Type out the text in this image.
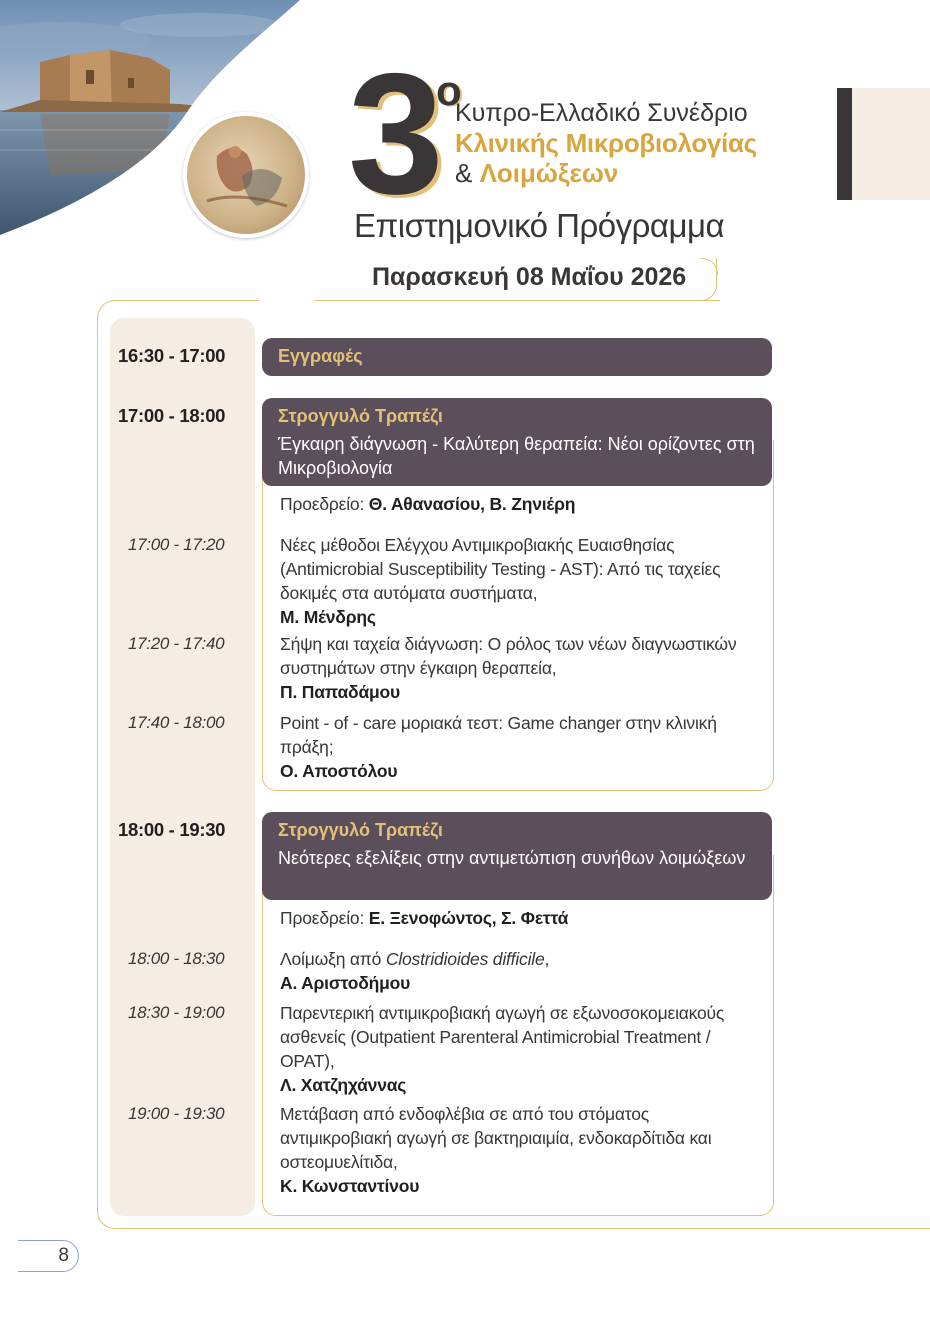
3
ο
Κυπρο-Ελλαδικό Συνέδριο
Κλινικής Μικροβιολογίας
& Λοιμώξεων
Επιστημονικό Πρόγραμμα
Παρασκευή 08 Μαΐου 2026
16:30 - 17:00	Εγγραφές
17:00 - 18:00	Στρογγυλό Τραπέζι
Έγκαιρη διάγνωση - Καλύτερη θεραπεία: Νέοι ορίζοντες στη Μικροβιολογία
Προεδρείο: Θ. Αθανασίου, Β. Ζηνιέρη
17:00 - 17:20	Νέες μέθοδοι Ελέγχου Αντιμικροβιακής Ευαισθησίας (Antimicrobial Susceptibility Testing - AST): Από τις ταχείες δοκιμές στα αυτόματα συστήματα,
Μ. Μένδρης
17:20 - 17:40	Σήψη και ταχεία διάγνωση: Ο ρόλος των νέων διαγνωστικών συστημάτων στην έγκαιρη θεραπεία,
Π. Παπαδάμου
17:40 - 18:00	Point - of - care μοριακά τεστ: Game changer στην κλινική πράξη;
Ο. Αποστόλου
18:00 - 19:30	Στρογγυλό Τραπέζι
Νεότερες εξελίξεις στην αντιμετώπιση συνήθων λοιμώξεων
Προεδρείο: Ε. Ξενοφώντος, Σ. Φεττά
18:00 - 18:30	Λοίμωξη από Clostridioides difficile,
Α. Αριστοδήμου
18:30 - 19:00	Παρεντερική αντιμικροβιακή αγωγή σε εξωνοσοκομειακούς ασθενείς (Outpatient Parenteral Antimicrobial Treatment / OPAT),
Λ. Χατζηχάννας
19:00 - 19:30	Μετάβαση από ενδοφλέβια σε από του στόματος αντιμικροβιακή αγωγή σε βακτηριαιμία, ενδοκαρδίτιδα και οστεομυελίτιδα,
Κ. Κωνσταντίνου
8
